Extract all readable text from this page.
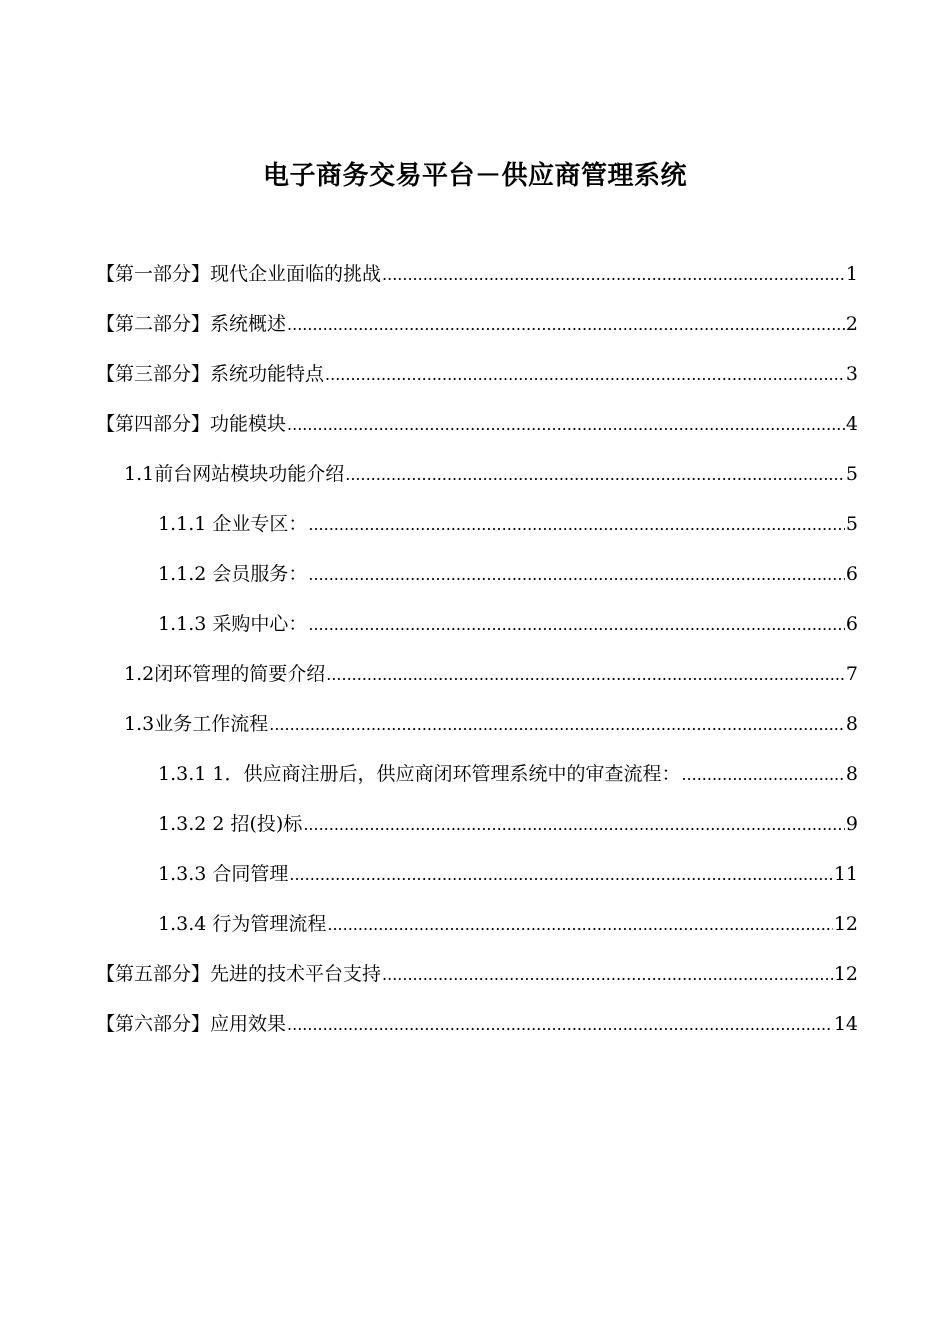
电子商务交易平台－供应商管理系统
【第一部分】现代企业面临的挑战 .....	1
【第二部分】系统概述 .....	2
【第三部分】系统功能特点 .....	3
【第四部分】功能模块 .....	4
1.1 前台网站模块功能介绍 .....	5
1.1.1 企业专区： .....	5
1.1.2 会员服务： .....	6
1.1.3 采购中心： .....	6
1.2 闭环管理的简要介绍 .....	7
1.3 业务工作流程 .....	8
1.3.1 1．供应商注册后，供应商闭环管理系统中的审查流程： .....	8
1.3.2 2 招(投)标 .....	9
1.3.3 合同管理 .....	11
1.3.4 行为管理流程 .....	12
【第五部分】先进的技术平台支持 .....	12
【第六部分】应用效果 .....	14
